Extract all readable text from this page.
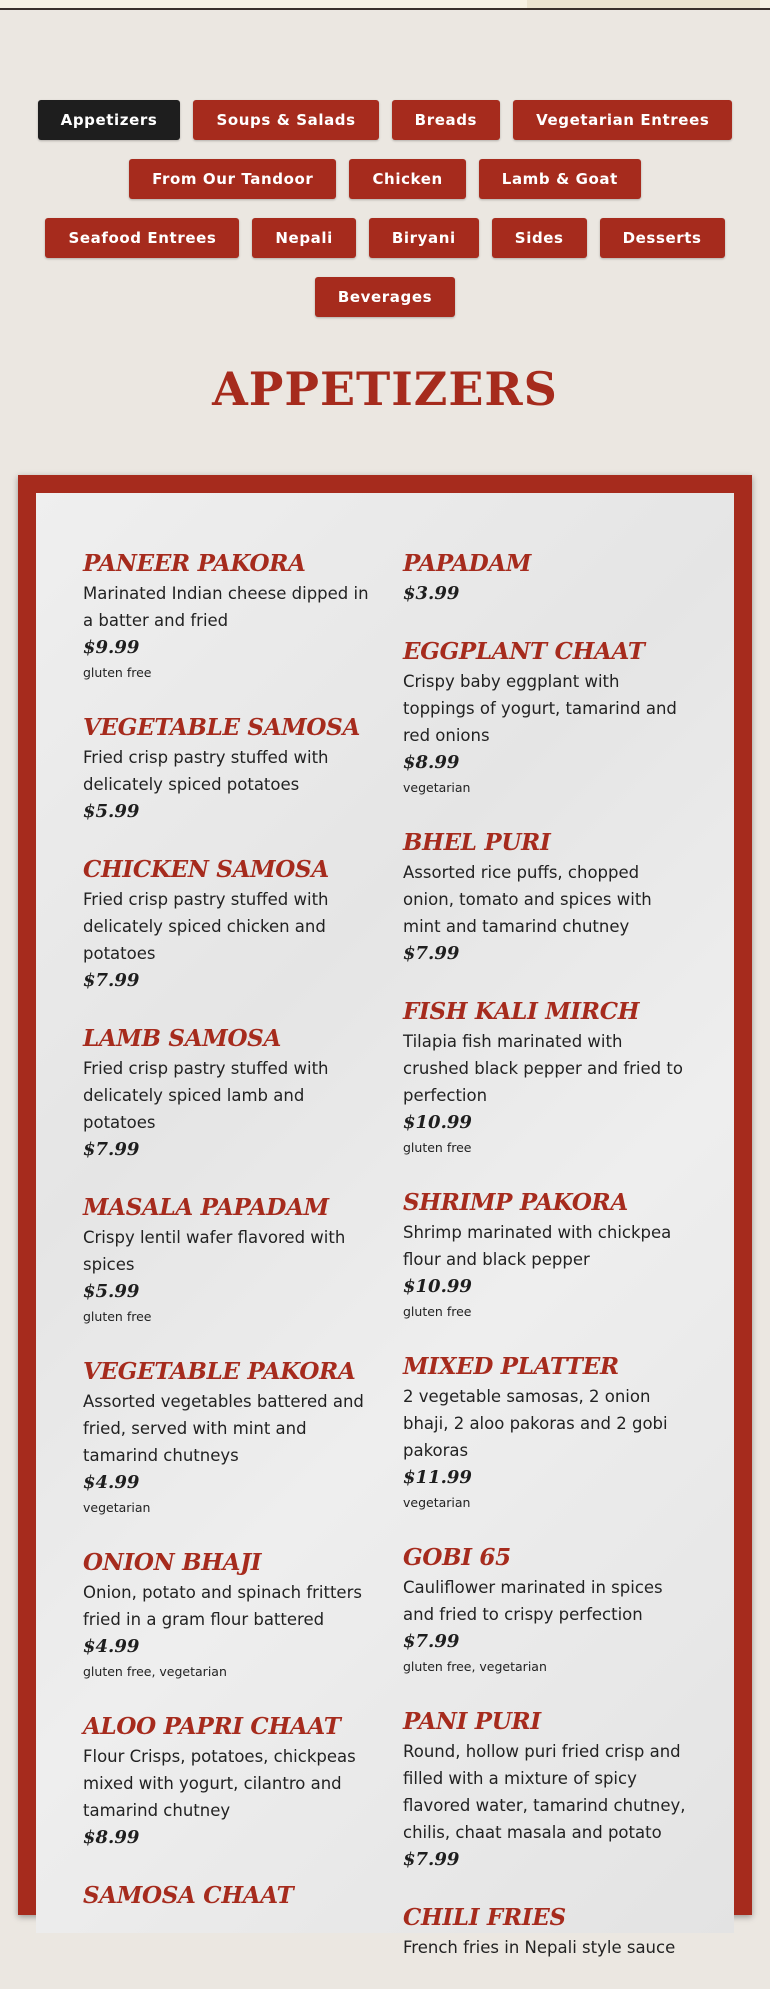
Appetizers	Soups & Salads	Breads	Vegetarian Entrees
From Our Tandoor	Chicken	Lamb & Goat
Seafood Entrees	Nepali	Biryani	Sides	Desserts
Beverages
APPETIZERS

PANEER PAKORA

Marinated Indian cheese dipped in a batter and fried

$9.99

gluten free

VEGETABLE SAMOSA

Fried crisp pastry stuffed with delicately spiced potatoes

$5.99

CHICKEN SAMOSA

Fried crisp pastry stuffed with delicately spiced chicken and potatoes

$7.99

LAMB SAMOSA

Fried crisp pastry stuffed with delicately spiced lamb and potatoes

$7.99

MASALA PAPADAM

Crispy lentil wafer flavored with spices

$5.99

gluten free

VEGETABLE PAKORA

Assorted vegetables battered and fried, served with mint and tamarind chutneys

$4.99

vegetarian

ONION BHAJI

Onion, potato and spinach fritters fried in a gram flour battered

$4.99

gluten free, vegetarian

ALOO PAPRI CHAAT

Flour Crisps, potatoes, chickpeas mixed with yogurt, cilantro and tamarind chutney

$8.99

SAMOSA CHAAT

PAPADAM

$3.99

EGGPLANT CHAAT

Crispy baby eggplant with toppings of yogurt, tamarind and red onions

$8.99

vegetarian

BHEL PURI

Assorted rice puffs, chopped onion, tomato and spices with mint and tamarind chutney

$7.99

FISH KALI MIRCH

Tilapia fish marinated with crushed black pepper and fried to perfection

$10.99

gluten free

SHRIMP PAKORA

Shrimp marinated with chickpea flour and black pepper

$10.99

gluten free

MIXED PLATTER

2 vegetable samosas, 2 onion bhaji, 2 aloo pakoras and 2 gobi pakoras

$11.99

vegetarian

GOBI 65

Cauliflower marinated in spices and fried to crispy perfection

$7.99

gluten free, vegetarian

PANI PURI

Round, hollow puri fried crisp and filled with a mixture of spicy flavored water, tamarind chutney, chilis, chaat masala and potato

$7.99

CHILI FRIES

French fries in Nepali style sauce
